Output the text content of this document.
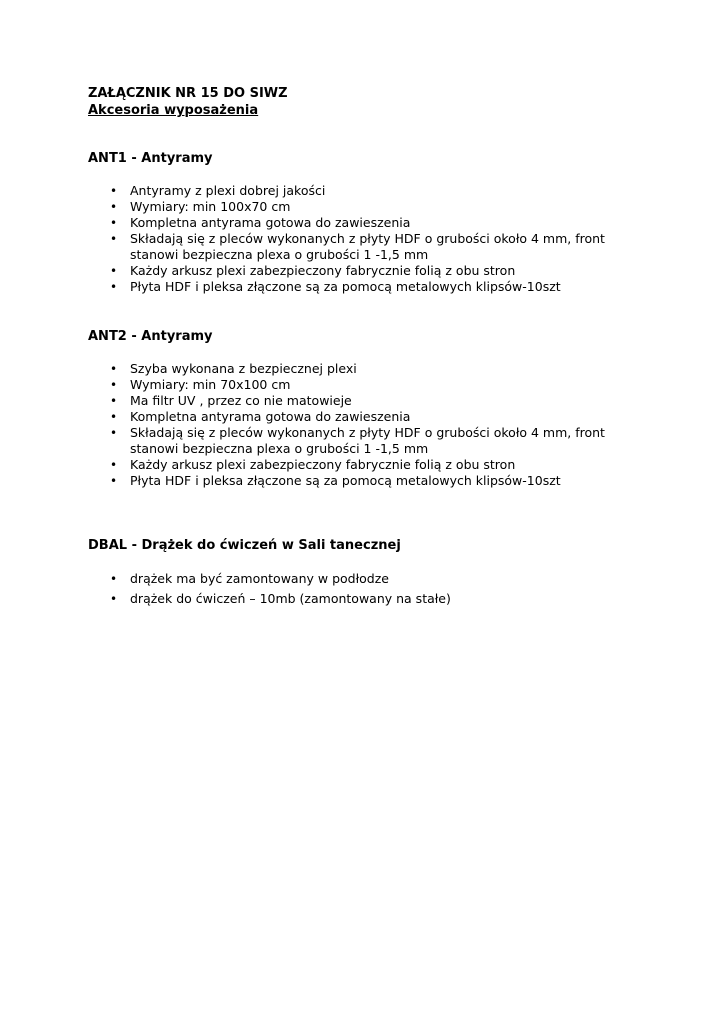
ZAŁĄCZNIK NR 15 DO SIWZ
Akcesoria wyposażenia
ANT1 - Antyramy
• Antyramy z plexi dobrej jakości
• Wymiary: min 100x70 cm
• Kompletna antyrama gotowa do zawieszenia
• Składają się z pleców wykonanych z płyty HDF o grubości około 4 mm, front stanowi bezpieczna plexa o grubości 1 -1,5 mm
• Każdy arkusz plexi zabezpieczony fabrycznie folią z obu stron
• Płyta HDF i pleksa złączone są za pomocą metalowych klipsów-10szt
ANT2 - Antyramy
• Szyba wykonana z bezpiecznej plexi
• Wymiary: min 70x100 cm
• Ma filtr UV , przez co nie matowieje
• Kompletna antyrama gotowa do zawieszenia
• Składają się z pleców wykonanych z płyty HDF o grubości około 4 mm, front stanowi bezpieczna plexa o grubości 1 -1,5 mm
• Każdy arkusz plexi zabezpieczony fabrycznie folią z obu stron
• Płyta HDF i pleksa złączone są za pomocą metalowych klipsów-10szt
DBAL - Drążek do ćwiczeń w Sali tanecznej
• drążek ma być zamontowany w podłodze
• drążek do ćwiczeń – 10mb (zamontowany na stałe)
